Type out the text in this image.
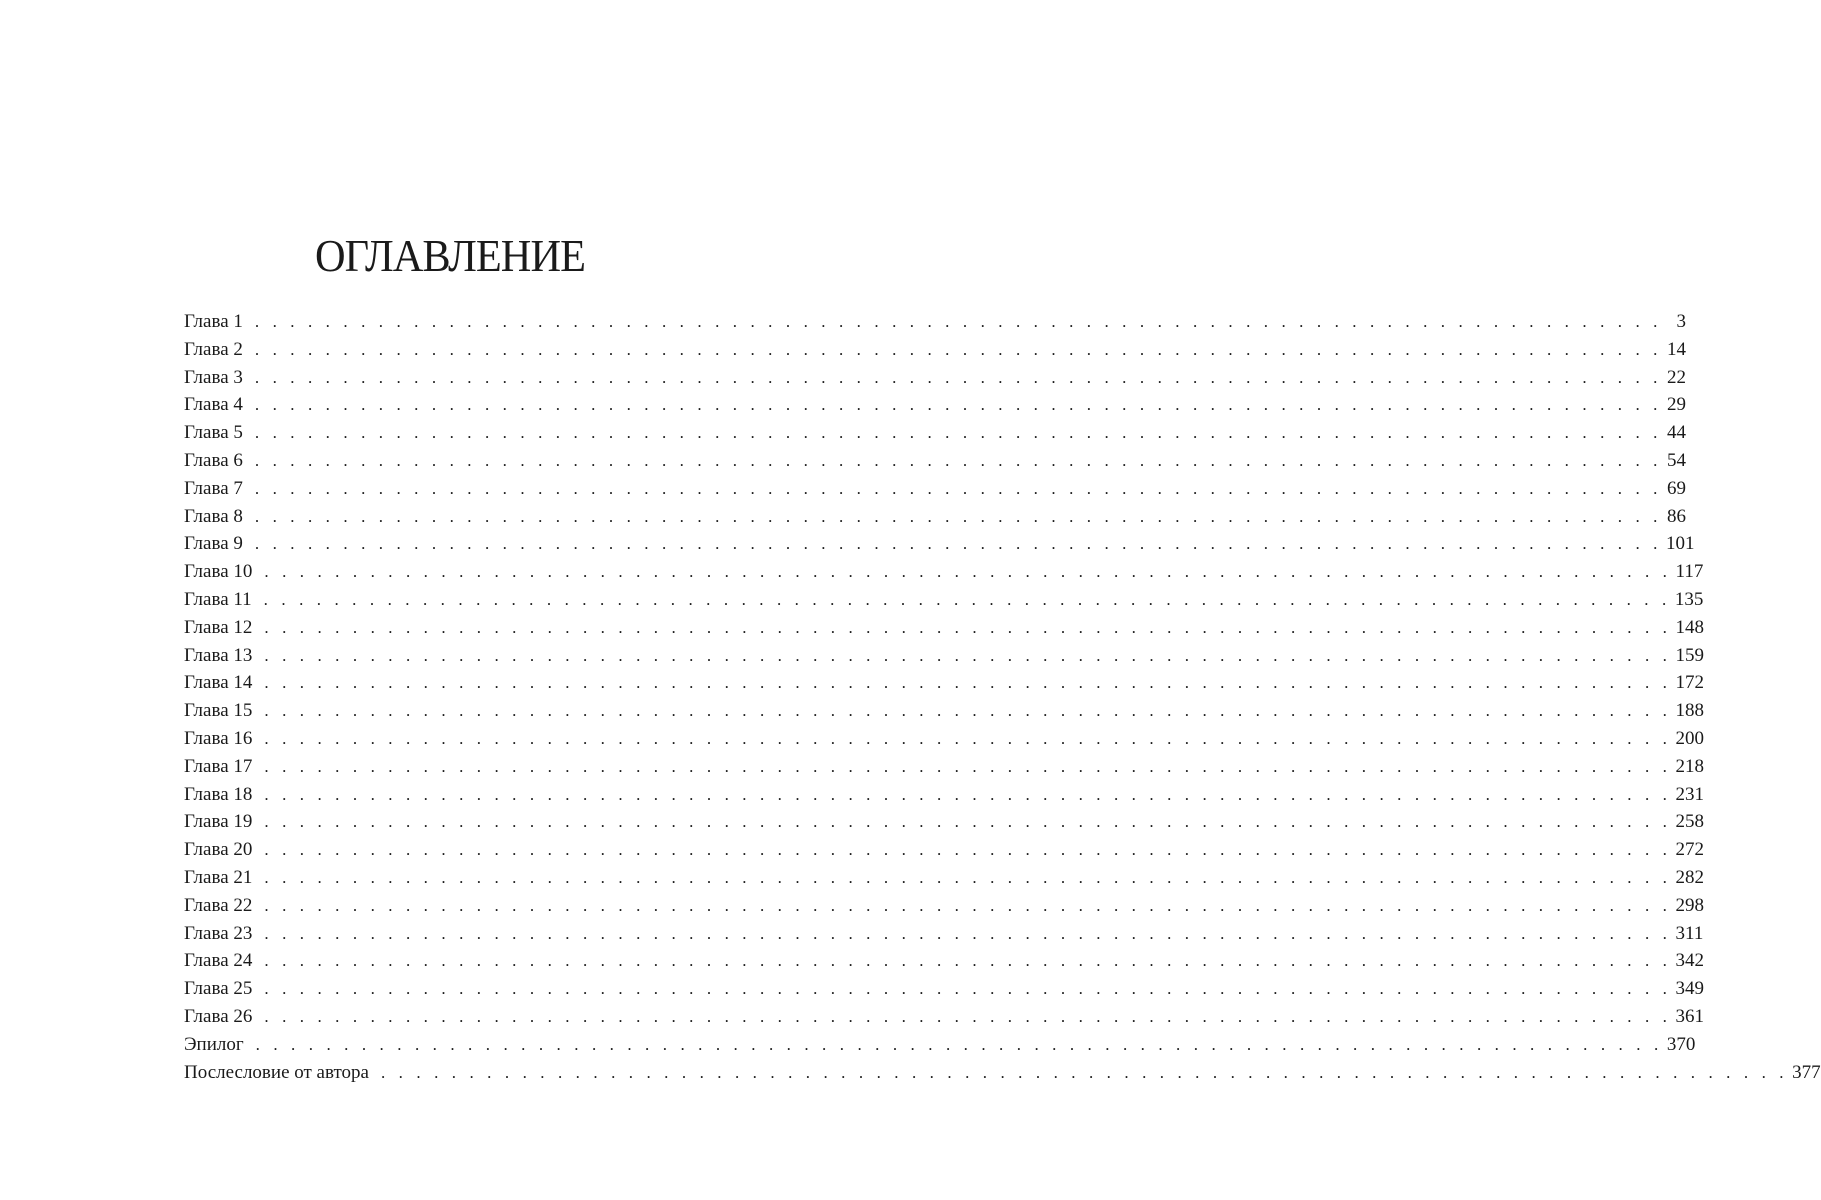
ОГЛАВЛЕНИЕ
Глава 1 . . . . . . . . . . . . . . . . . . . . . . . . . . . . . . . . . . . . . . . . . . . . . . . . . . . . . . . . . . . . . . . . . . . . . . . . . . . . . . . . 3
Глава 2 . . . . . . . . . . . . . . . . . . . . . . . . . . . . . . . . . . . . . . . . . . . . . . . . . . . . . . . . . . . . . . . . . . . . . . . . . . . . . . . . 14
Глава 3 . . . . . . . . . . . . . . . . . . . . . . . . . . . . . . . . . . . . . . . . . . . . . . . . . . . . . . . . . . . . . . . . . . . . . . . . . . . . . . . . 22
Глава 4 . . . . . . . . . . . . . . . . . . . . . . . . . . . . . . . . . . . . . . . . . . . . . . . . . . . . . . . . . . . . . . . . . . . . . . . . . . . . . . . . 29
Глава 5 . . . . . . . . . . . . . . . . . . . . . . . . . . . . . . . . . . . . . . . . . . . . . . . . . . . . . . . . . . . . . . . . . . . . . . . . . . . . . . . . 44
Глава 6 . . . . . . . . . . . . . . . . . . . . . . . . . . . . . . . . . . . . . . . . . . . . . . . . . . . . . . . . . . . . . . . . . . . . . . . . . . . . . . . . 54
Глава 7 . . . . . . . . . . . . . . . . . . . . . . . . . . . . . . . . . . . . . . . . . . . . . . . . . . . . . . . . . . . . . . . . . . . . . . . . . . . . . . . . 69
Глава 8 . . . . . . . . . . . . . . . . . . . . . . . . . . . . . . . . . . . . . . . . . . . . . . . . . . . . . . . . . . . . . . . . . . . . . . . . . . . . . . . . 86
Глава 9 . . . . . . . . . . . . . . . . . . . . . . . . . . . . . . . . . . . . . . . . . . . . . . . . . . . . . . . . . . . . . . . . . . . . . . . . . . . . . . . . 101
Глава 10 . . . . . . . . . . . . . . . . . . . . . . . . . . . . . . . . . . . . . . . . . . . . . . . . . . . . . . . . . . . . . . . . . . . . . . . . . . . . . . . . 117
Глава 11 . . . . . . . . . . . . . . . . . . . . . . . . . . . . . . . . . . . . . . . . . . . . . . . . . . . . . . . . . . . . . . . . . . . . . . . . . . . . . . . . 135
Глава 12 . . . . . . . . . . . . . . . . . . . . . . . . . . . . . . . . . . . . . . . . . . . . . . . . . . . . . . . . . . . . . . . . . . . . . . . . . . . . . . . . 148
Глава 13 . . . . . . . . . . . . . . . . . . . . . . . . . . . . . . . . . . . . . . . . . . . . . . . . . . . . . . . . . . . . . . . . . . . . . . . . . . . . . . . . 159
Глава 14 . . . . . . . . . . . . . . . . . . . . . . . . . . . . . . . . . . . . . . . . . . . . . . . . . . . . . . . . . . . . . . . . . . . . . . . . . . . . . . . . 172
Глава 15 . . . . . . . . . . . . . . . . . . . . . . . . . . . . . . . . . . . . . . . . . . . . . . . . . . . . . . . . . . . . . . . . . . . . . . . . . . . . . . . . 188
Глава 16 . . . . . . . . . . . . . . . . . . . . . . . . . . . . . . . . . . . . . . . . . . . . . . . . . . . . . . . . . . . . . . . . . . . . . . . . . . . . . . . . 200
Глава 17 . . . . . . . . . . . . . . . . . . . . . . . . . . . . . . . . . . . . . . . . . . . . . . . . . . . . . . . . . . . . . . . . . . . . . . . . . . . . . . . . 218
Глава 18 . . . . . . . . . . . . . . . . . . . . . . . . . . . . . . . . . . . . . . . . . . . . . . . . . . . . . . . . . . . . . . . . . . . . . . . . . . . . . . . . 231
Глава 19 . . . . . . . . . . . . . . . . . . . . . . . . . . . . . . . . . . . . . . . . . . . . . . . . . . . . . . . . . . . . . . . . . . . . . . . . . . . . . . . . 258
Глава 20 . . . . . . . . . . . . . . . . . . . . . . . . . . . . . . . . . . . . . . . . . . . . . . . . . . . . . . . . . . . . . . . . . . . . . . . . . . . . . . . . 272
Глава 21 . . . . . . . . . . . . . . . . . . . . . . . . . . . . . . . . . . . . . . . . . . . . . . . . . . . . . . . . . . . . . . . . . . . . . . . . . . . . . . . . 282
Глава 22 . . . . . . . . . . . . . . . . . . . . . . . . . . . . . . . . . . . . . . . . . . . . . . . . . . . . . . . . . . . . . . . . . . . . . . . . . . . . . . . . 298
Глава 23 . . . . . . . . . . . . . . . . . . . . . . . . . . . . . . . . . . . . . . . . . . . . . . . . . . . . . . . . . . . . . . . . . . . . . . . . . . . . . . . . 311
Глава 24 . . . . . . . . . . . . . . . . . . . . . . . . . . . . . . . . . . . . . . . . . . . . . . . . . . . . . . . . . . . . . . . . . . . . . . . . . . . . . . . . 342
Глава 25 . . . . . . . . . . . . . . . . . . . . . . . . . . . . . . . . . . . . . . . . . . . . . . . . . . . . . . . . . . . . . . . . . . . . . . . . . . . . . . . . 349
Глава 26 . . . . . . . . . . . . . . . . . . . . . . . . . . . . . . . . . . . . . . . . . . . . . . . . . . . . . . . . . . . . . . . . . . . . . . . . . . . . . . . . 361
Эпилог . . . . . . . . . . . . . . . . . . . . . . . . . . . . . . . . . . . . . . . . . . . . . . . . . . . . . . . . . . . . . . . . . . . . . . . . . . . . . . . . 370
Послесловие от автора . . . . . . . . . . . . . . . . . . . . . . . . . . . . . . . . . . . . . . . . . . . . . . . . . . . . . . . . . . . . . . . . . . . . . . . . . . . . . . . . 377
